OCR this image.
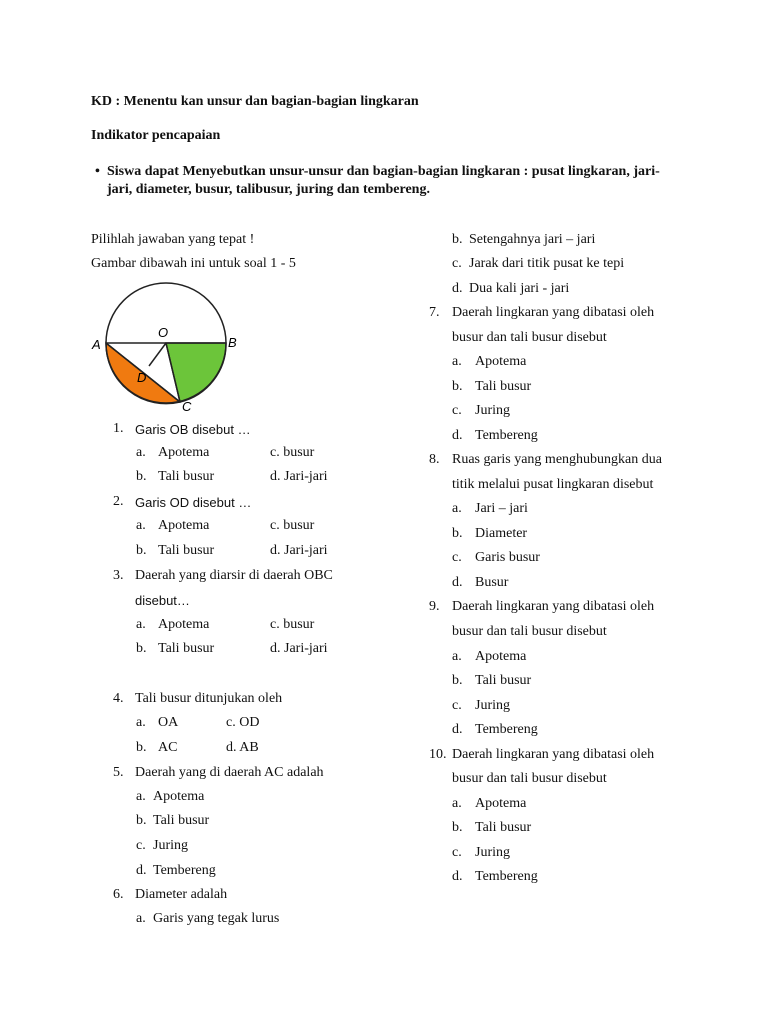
KD : Menentu kan unsur dan bagian-bagian lingkaran
Indikator pencapaian
• Siswa dapat Menyebutkan unsur-unsur dan bagian-bagian lingkaran : pusat lingkaran, jari-
jari, diameter, busur, talibusur, juring dan tembereng.
Pilihlah jawaban yang tepat !
Gambar dibawah ini untuk soal 1 - 5
A
O
B
D
C
1. Garis OB disebut …
a. Apotema	c. busur
b. Tali busur	d. Jari-jari
2. Garis OD disebut …
a. Apotema	c. busur
b. Tali busur	d. Jari-jari
3. Daerah yang diarsir di daerah OBC
disebut…
a. Apotema	c. busur
b. Tali busur	d. Jari-jari
4. Tali busur ditunjukan oleh
a. OA	c. OD
b. AC	d. AB
5. Daerah yang di daerah AC adalah
a. Apotema
b. Tali busur
c. Juring
d. Tembereng
6. Diameter adalah
a. Garis yang tegak lurus
b. Setengahnya jari – jari
c. Jarak dari titik pusat ke tepi
d. Dua kali jari - jari
7. Daerah lingkaran yang dibatasi oleh
busur dan tali busur disebut
a. Apotema
b. Tali busur
c. Juring
d. Tembereng
8. Ruas garis yang menghubungkan dua
titik melalui pusat lingkaran disebut
a. Jari – jari
b. Diameter
c. Garis busur
d. Busur
9. Daerah lingkaran yang dibatasi oleh
busur dan tali busur disebut
a. Apotema
b. Tali busur
c. Juring
d. Tembereng
10. Daerah lingkaran yang dibatasi oleh
busur dan tali busur disebut
a. Apotema
b. Tali busur
c. Juring
d. Tembereng
